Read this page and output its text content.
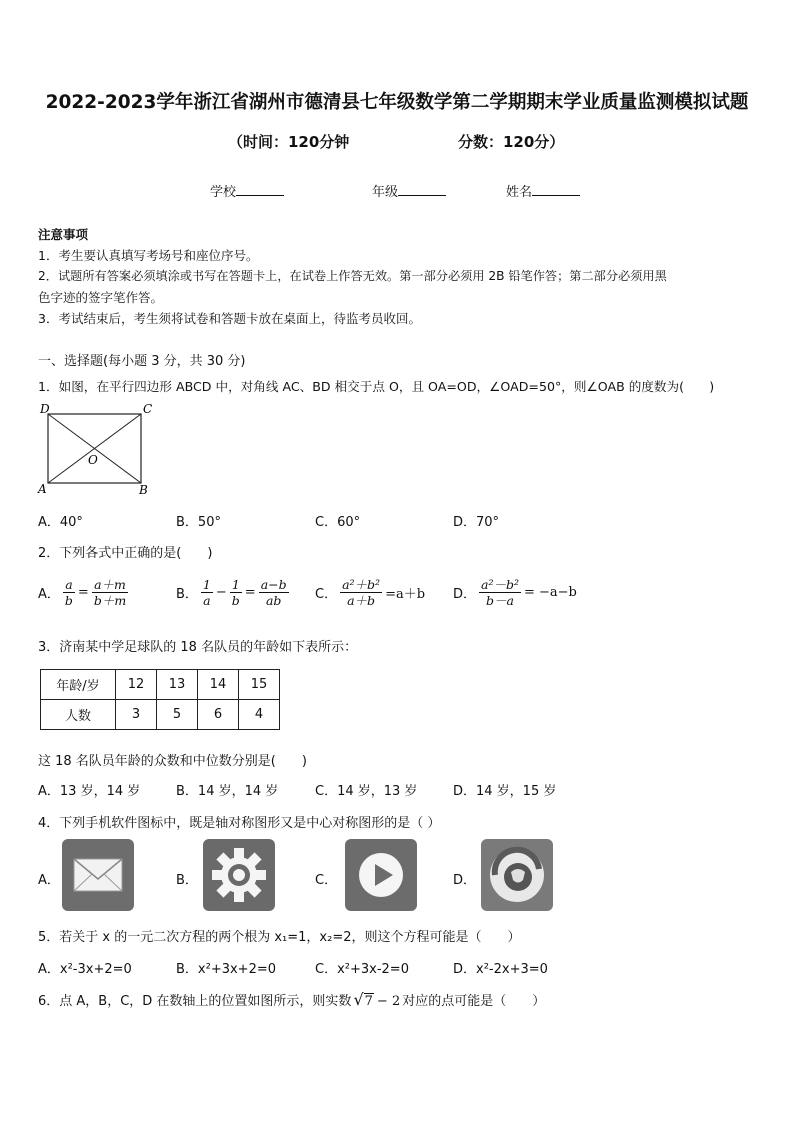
2022-2023学年浙江省湖州市德清县七年级数学第二学期期末学业质量监测模拟试题
（时间：120分钟	分数：120分）
学校	年级	姓名
注意事项
1．考生要认真填写考场号和座位序号。
2．试题所有答案必须填涂或书写在答题卡上，在试卷上作答无效。第一部分必须用 2B 铅笔作答；第二部分必须用黑
色字迹的签字笔作答。
3．考试结束后，考生须将试卷和答题卡放在桌面上，待监考员收回。
一、选择题(每小题 3 分，共 30 分)
1．如图，在平行四边形 ABCD 中，对角线 AC、BD 相交于点 O，且 OA=OD，∠OAD=50°，则∠OAB 的度数为(　　)
D	C
A	B
O
A．40°	B．50°	C．60°	D．70°
2．下列各式中正确的是(　　)
A． $\frac{a}{b} = \frac{a+m}{b+m}$	B． $\frac{1}{a} - \frac{1}{b} = \frac{a-b}{ab}$ C． $\frac{\text{a²＋b²}}{a+b} =a+b$ D． $\frac{\text{a²－b²}}{b-a} = -a-b$
3．济南某中学足球队的 18 名队员的年龄如下表所示：
年龄/岁	12	13	14	15
人数	3	5	6	4
这 18 名队员年龄的众数和中位数分别是(　　)
A．13 岁，14 岁	B．14 岁，14 岁	C．14 岁，13 岁	D．14 岁，15 岁
4．下列手机软件图标中，既是轴对称图形又是中心对称图形的是（ ）
A．	B．	C．	D．
5．若关于 x 的一元二次方程的两个根为 x₁=1，x₂=2，则这个方程可能是（　　）
A．x²-3x+2=0	B．x²+3x+2=0	C．x²+3x-2=0	D．x²-2x+3=0
6．点 A，B，C，D 在数轴上的位置如图所示，则实数 √ 7 − 2 对应的点可能是（　　）
